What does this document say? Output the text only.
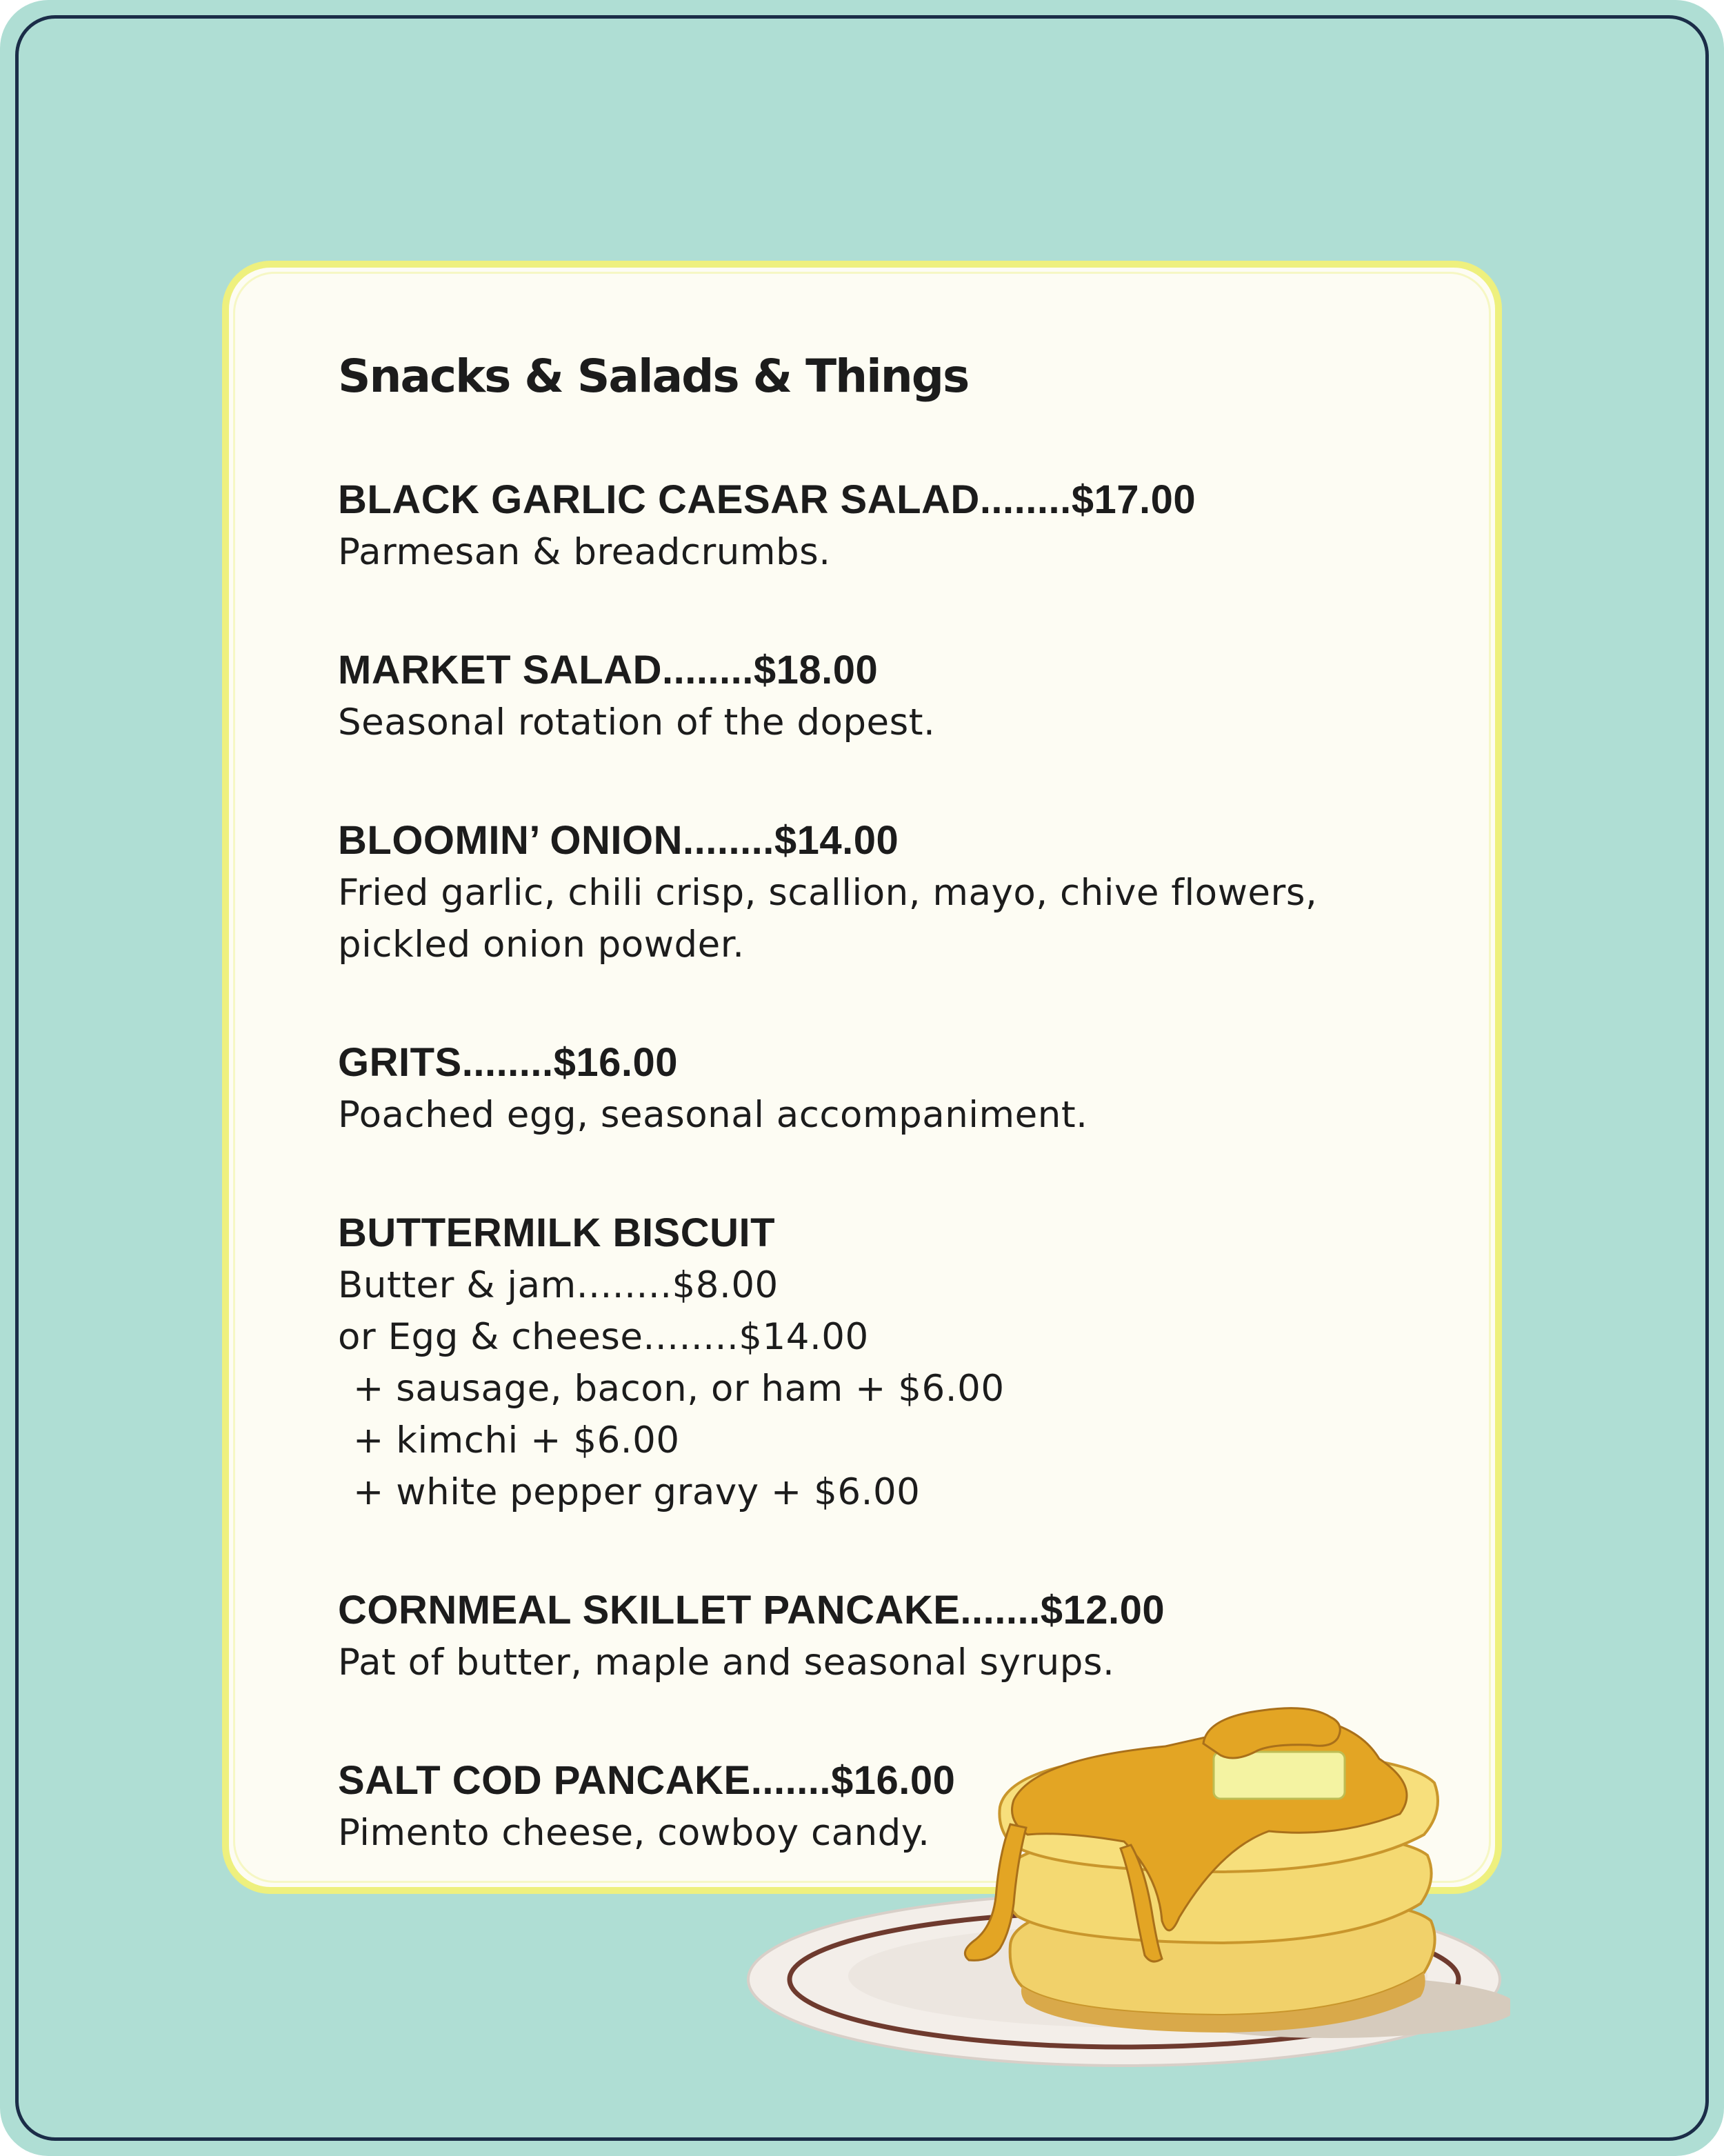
Snacks & Salads & Things
BLACK GARLIC CAESAR SALAD........$17.00
Parmesan & breadcrumbs.
MARKET SALAD........$18.00
Seasonal rotation of the dopest.
BLOOMIN’ ONION........$14.00
Fried garlic, chili crisp, scallion, mayo, chive flowers,
pickled onion powder.
GRITS........$16.00
Poached egg, seasonal accompaniment.
BUTTERMILK BISCUIT
Butter & jam........$8.00
or Egg & cheese........$14.00
+ sausage, bacon, or ham + $6.00
+ kimchi + $6.00
+ white pepper gravy + $6.00
CORNMEAL SKILLET PANCAKE.......$12.00
Pat of butter, maple and seasonal syrups.
SALT COD PANCAKE.......$16.00
Pimento cheese, cowboy candy.
